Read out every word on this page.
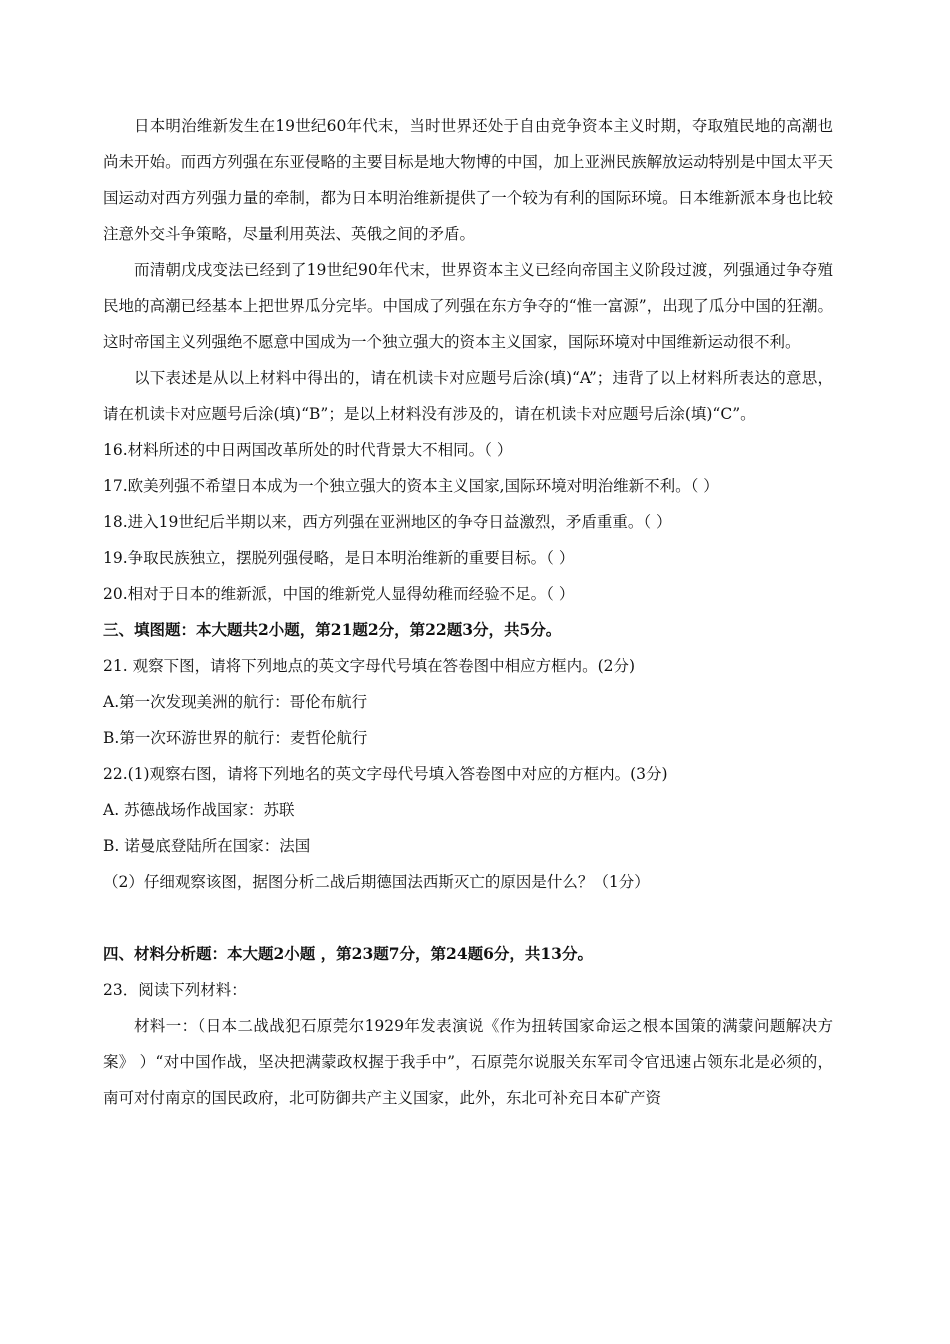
日本明治维新发生在19世纪60年代末，当时世界还处于自由竞争资本主义时期，夺取殖民地的高潮也尚未开始。而西方列强在东亚侵略的主要目标是地大物博的中国，加上亚洲民族解放运动特别是中国太平天国运动对西方列强力量的牵制，都为日本明治维新提供了一个较为有利的国际环境。日本维新派本身也比较注意外交斗争策略，尽量利用英法、英俄之间的矛盾。

而清朝戊戌变法已经到了19世纪90年代末，世界资本主义已经向帝国主义阶段过渡，列强通过争夺殖民地的高潮已经基本上把世界瓜分完毕。中国成了列强在东方争夺的“惟一富源”，出现了瓜分中国的狂潮。这时帝国主义列强绝不愿意中国成为一个独立强大的资本主义国家，国际环境对中国维新运动很不利。

以下表述是从以上材料中得出的，请在机读卡对应题号后涂(填)“A”；违背了以上材料所表达的意思，请在机读卡对应题号后涂(填)“B”；是以上材料没有涉及的，请在机读卡对应题号后涂(填)“C”。

16.材料所述的中日两国改革所处的时代背景大不相同。（ ）

17.欧美列强不希望日本成为一个独立强大的资本主义国家,国际环境对明治维新不利。（ ）

18.进入19世纪后半期以来，西方列强在亚洲地区的争夺日益激烈，矛盾重重。（ ）

19.争取民族独立，摆脱列强侵略，是日本明治维新的重要目标。（ ）

20.相对于日本的维新派，中国的维新党人显得幼稚而经验不足。（ ）

三、填图题：本大题共2小题，第21题2分，第22题3分，共5分。

21. 观察下图，请将下列地点的英文字母代号填在答卷图中相应方框内。(2分)

A.第一次发现美洲的航行：哥伦布航行

B.第一次环游世界的航行：麦哲伦航行

22.(1)观察右图，请将下列地名的英文字母代号填入答卷图中对应的方框内。(3分)

A. 苏德战场作战国家：苏联

B. 诺曼底登陆所在国家：法国

（2）仔细观察该图，据图分析二战后期德国法西斯灭亡的原因是什么？（1分）

四、材料分析题：本大题2小题 ，第23题7分，第24题6分，共13分。

23．阅读下列材料：

材料一：（日本二战战犯石原莞尔1929年发表演说《作为扭转国家命运之根本国策的满蒙问题解决方案》 ）“对中国作战，坚决把满蒙政权握于我手中”，石原莞尔说服关东军司令官迅速占领东北是必须的，南可对付南京的国民政府，北可防御共产主义国家，此外，东北可补充日本矿产资
